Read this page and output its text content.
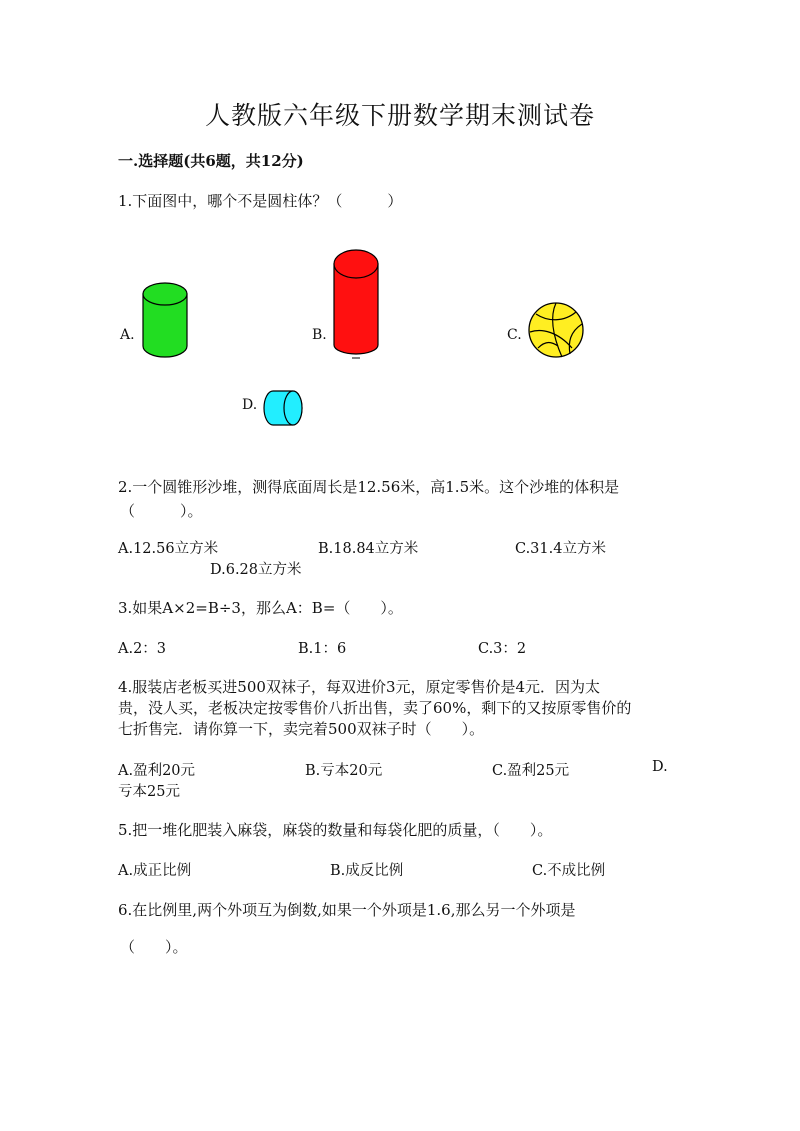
人教版六年级下册数学期末测试卷
一.选择题(共6题，共12分)
1.下面图中，哪个不是圆柱体？（　　　）
A.	B.	C.
D.
2.一个圆锥形沙堆，测得底面周长是12.56米，高1.5米。这个沙堆的体积是
（　　　）。
A.12.56立方米	B.18.84立方米	C.31.4立方米
D.6.28立方米
3.如果A×2=B÷3，那么A：B=（　　）。
A.2：3	B.1：6	C.3：2
4.服装店老板买进500双袜子，每双进价3元，原定零售价是4元．因为太
贵，没人买，老板决定按零售价八折出售，卖了60%，剩下的又按原零售价的
七折售完．请你算一下，卖完着500双袜子时（　　）。
A.盈利20元	B.亏本20元	C.盈利25元	D.
亏本25元
5.把一堆化肥装入麻袋，麻袋的数量和每袋化肥的质量，（　　）。
A.成正比例	B.成反比例	C.不成比例
6.在比例里,两个外项互为倒数,如果一个外项是1.6,那么另一个外项是
（　　）。
